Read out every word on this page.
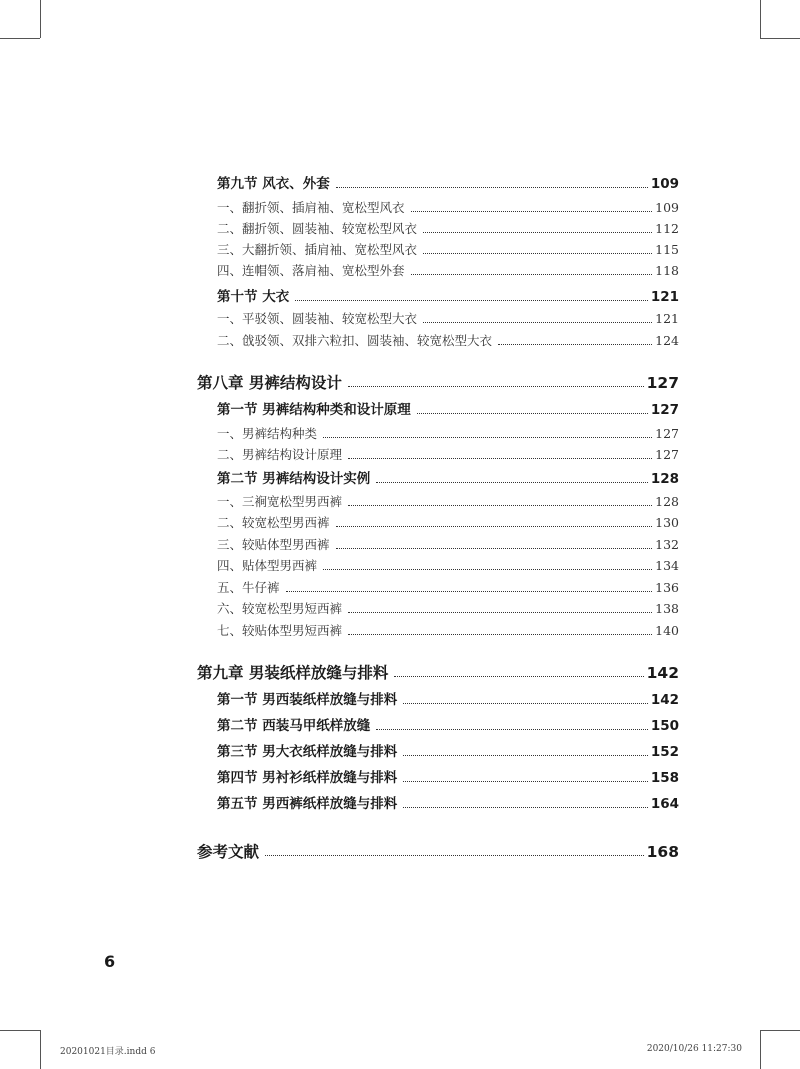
第九节 风衣、外套	109
一、翻折领、插肩袖、宽松型风衣	109
二、翻折领、圆装袖、较宽松型风衣	112
三、大翻折领、插肩袖、宽松型风衣	115
四、连帽领、落肩袖、宽松型外套	118
第十节 大衣	121
一、平驳领、圆装袖、较宽松型大衣	121
二、戗驳领、双排六粒扣、圆装袖、较宽松型大衣	124
第八章 男裤结构设计	127
第一节 男裤结构种类和设计原理	127
一、男裤结构种类	127
二、男裤结构设计原理	127
第二节 男裤结构设计实例	128
一、三裥宽松型男西裤	128
二、较宽松型男西裤	130
三、较贴体型男西裤	132
四、贴体型男西裤	134
五、牛仔裤	136
六、较宽松型男短西裤	138
七、较贴体型男短西裤	140
第九章 男装纸样放缝与排料	142
第一节 男西装纸样放缝与排料	142
第二节 西装马甲纸样放缝	150
第三节 男大衣纸样放缝与排料	152
第四节 男衬衫纸样放缝与排料	158
第五节 男西裤纸样放缝与排料	164
参考文献	168
6
20201021目录.indd 6	2020/10/26 11:27:30
